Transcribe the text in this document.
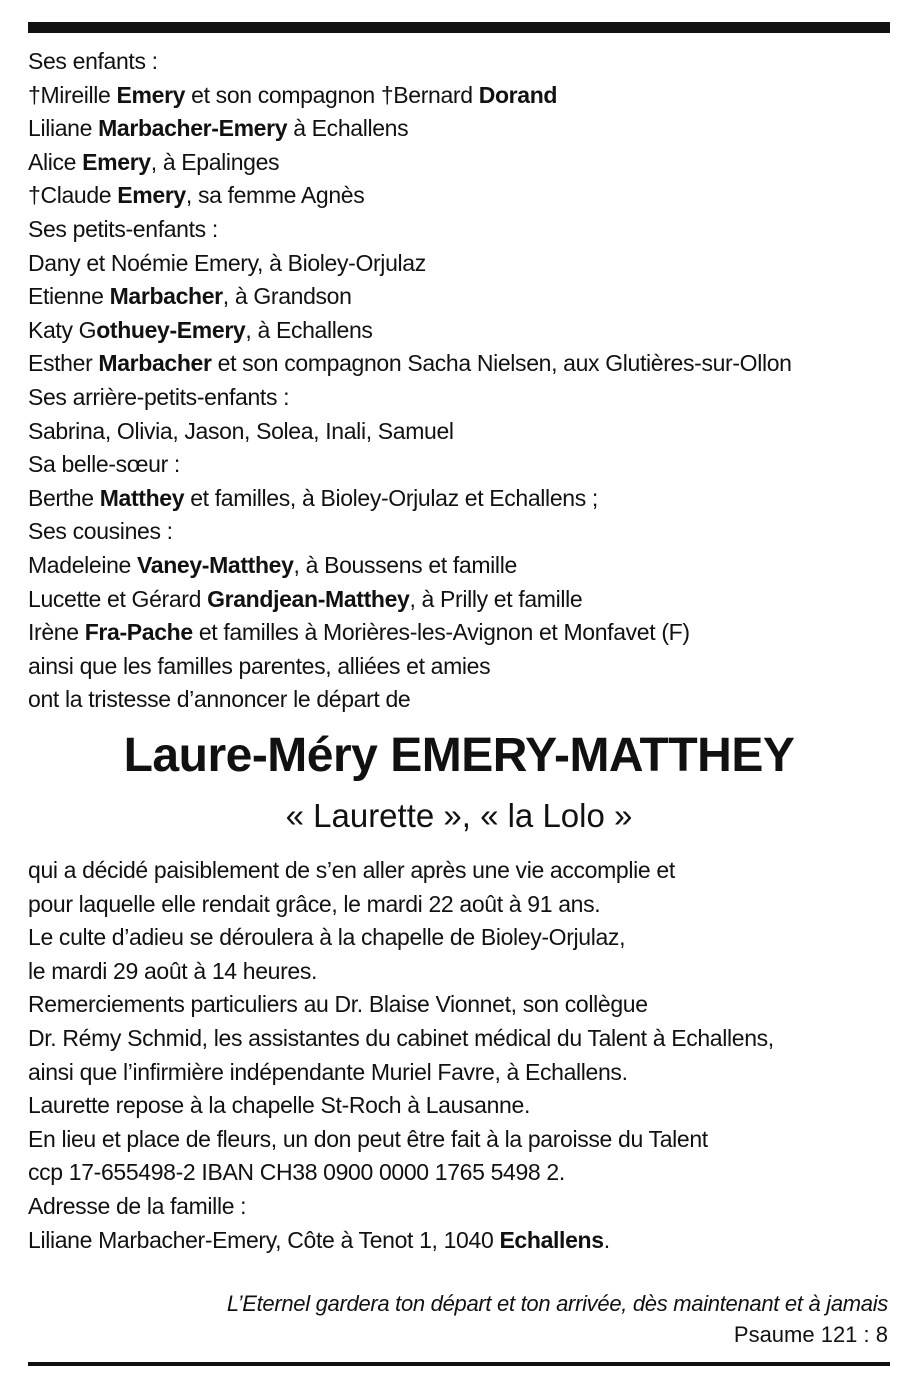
Ses enfants :
†Mireille Emery et son compagnon †Bernard Dorand
Liliane Marbacher-Emery à Echallens
Alice Emery, à Epalinges
†Claude Emery, sa femme Agnès
Ses petits-enfants :
Dany et Noémie Emery, à Bioley-Orjulaz
Etienne Marbacher, à Grandson
Katy Gothuey-Emery, à Echallens
Esther Marbacher et son compagnon Sacha Nielsen, aux Glutières-sur-Ollon
Ses arrière-petits-enfants :
Sabrina, Olivia, Jason, Solea, Inali, Samuel
Sa belle-sœur :
Berthe Matthey et familles, à Bioley-Orjulaz et Echallens ;
Ses cousines :
Madeleine Vaney-Matthey, à Boussens et famille
Lucette et Gérard Grandjean-Matthey, à Prilly et famille
Irène Fra-Pache et familles à Morières-les-Avignon et Monfavet (F)
ainsi que les familles parentes, alliées et amies
ont la tristesse d’annoncer le départ de
Laure-Méry EMERY-MATTHEY
« Laurette », « la Lolo »
qui a décidé paisiblement de s’en aller après une vie accomplie et
pour laquelle elle rendait grâce, le mardi 22 août à 91 ans.
Le culte d’adieu se déroulera à la chapelle de Bioley-Orjulaz,
le mardi 29 août à 14 heures.
Remerciements particuliers au Dr. Blaise Vionnet, son collègue
Dr. Rémy Schmid, les assistantes du cabinet médical du Talent à Echallens,
ainsi que l’infirmière indépendante Muriel Favre, à Echallens.
Laurette repose à la chapelle St-Roch à Lausanne.
En lieu et place de fleurs, un don peut être fait à la paroisse du Talent
ccp 17-655498-2 IBAN CH38 0900 0000 1765 5498 2.
Adresse de la famille :
Liliane Marbacher-Emery, Côte à Tenot 1, 1040 Echallens.
L’Eternel gardera ton départ et ton arrivée, dès maintenant et à jamais
Psaume 121 : 8
